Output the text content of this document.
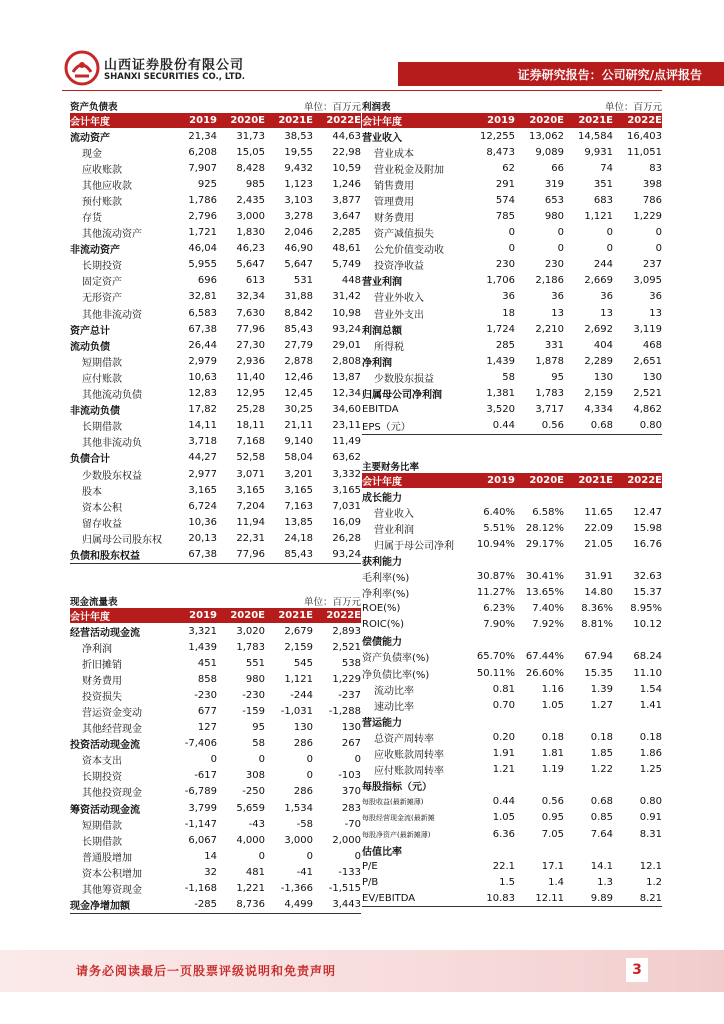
山西证券股份有限公司
SHANXI SECURITIES CO., LTD.	证券研究报告：公司研究/点评报告
资产负债表	单位：百万元
会计年度	2019	2020E	2021E	2022E
流动资产	21,34	31,73	38,53	44,63
现金	6,208	15,05	19,55	22,98
应收账款	7,907	8,428	9,432	10,59
其他应收款	925	985	1,123	1,246
预付账款	1,786	2,435	3,103	3,877
存货	2,796	3,000	3,278	3,647
其他流动资产	1,721	1,830	2,046	2,285
非流动资产	46,04	46,23	46,90	48,61
长期投资	5,955	5,647	5,647	5,749
固定资产	696	613	531	448
无形资产	32,81	32,34	31,88	31,42
其他非流动资	6,583	7,630	8,842	10,98
资产总计	67,38	77,96	85,43	93,24
流动负债	26,44	27,30	27,79	29,01
短期借款	2,979	2,936	2,878	2,808
应付账款	10,63	11,40	12,46	13,87
其他流动负债	12,83	12,95	12,45	12,34
非流动负债	17,82	25,28	30,25	34,60
长期借款	14,11	18,11	21,11	23,11
其他非流动负	3,718	7,168	9,140	11,49
负债合计	44,27	52,58	58,04	63,62
少数股东权益	2,977	3,071	3,201	3,332
股本	3,165	3,165	3,165	3,165
资本公积	6,724	7,204	7,163	7,031
留存收益	10,36	11,94	13,85	16,09
归属母公司股东权	20,13	22,31	24,18	26,28
负债和股东权益	67,38	77,96	85,43	93,24
现金流量表	单位：百万元
会计年度	2019	2020E	2021E	2022E
经营活动现金流	3,321	3,020	2,679	2,893
净利润	1,439	1,783	2,159	2,521
折旧摊销	451	551	545	538
财务费用	858	980	1,121	1,229
投资损失	-230	-230	-244	-237
营运资金变动	677	-159	-1,031	-1,288
其他经营现金	127	95	130	130
投资活动现金流	-7,406	58	286	267
资本支出	0	0	0	0
长期投资	-617	308	0	-103
其他投资现金	-6,789	-250	286	370
筹资活动现金流	3,799	5,659	1,534	283
短期借款	-1,147	-43	-58	-70
长期借款	6,067	4,000	3,000	2,000
普通股增加	14	0	0	0
资本公积增加	32	481	-41	-133
其他筹资现金	-1,168	1,221	-1,366	-1,515
现金净增加额	-285	8,736	4,499	3,443
利润表	单位：百万元
会计年度	2019	2020E	2021E	2022E
营业收入	12,255	13,062	14,584	16,403
营业成本	8,473	9,089	9,931	11,051
营业税金及附加	62	66	74	83
销售费用	291	319	351	398
管理费用	574	653	683	786
财务费用	785	980	1,121	1,229
资产减值损失	0	0	0	0
公允价值变动收	0	0	0	0
投资净收益	230	230	244	237
营业利润	1,706	2,186	2,669	3,095
营业外收入	36	36	36	36
营业外支出	18	13	13	13
利润总额	1,724	2,210	2,692	3,119
所得税	285	331	404	468
净利润	1,439	1,878	2,289	2,651
少数股东损益	58	95	130	130
归属母公司净利润	1,381	1,783	2,159	2,521
EBITDA	3,520	3,717	4,334	4,862
EPS（元）	0.44	0.56	0.68	0.80
主要财务比率
会计年度	2019	2020E	2021E	2022E
成长能力
营业收入	6.40%	6.58%	11.65	12.47
营业利润	5.51%	28.12%	22.09	15.98
归属于母公司净利	10.94%	29.17%	21.05	16.76
获利能力
毛利率(%)	30.87%	30.41%	31.91	32.63
净利率(%)	11.27%	13.65%	14.80	15.37
ROE(%)	6.23%	7.40%	8.36%	8.95%
ROIC(%)	7.90%	7.92%	8.81%	10.12
偿债能力
资产负债率(%)	65.70%	67.44%	67.94	68.24
净负债比率(%)	50.11%	26.60%	15.35	11.10
流动比率	0.81	1.16	1.39	1.54
速动比率	0.70	1.05	1.27	1.41
营运能力
总资产周转率	0.20	0.18	0.18	0.18
应收账款周转率	1.91	1.81	1.85	1.86
应付账款周转率	1.21	1.19	1.22	1.25
每股指标（元）
每股收益(最新摊薄)	0.44	0.56	0.68	0.80
每股经营现金流(最新摊	1.05	0.95	0.85	0.91
每股净资产(最新摊薄)	6.36	7.05	7.64	8.31
估值比率
P/E	22.1	17.1	14.1	12.1
P/B	1.5	1.4	1.3	1.2
EV/EBITDA	10.83	12.11	9.89	8.21
请务必阅读最后一页股票评级说明和免责声明	3
